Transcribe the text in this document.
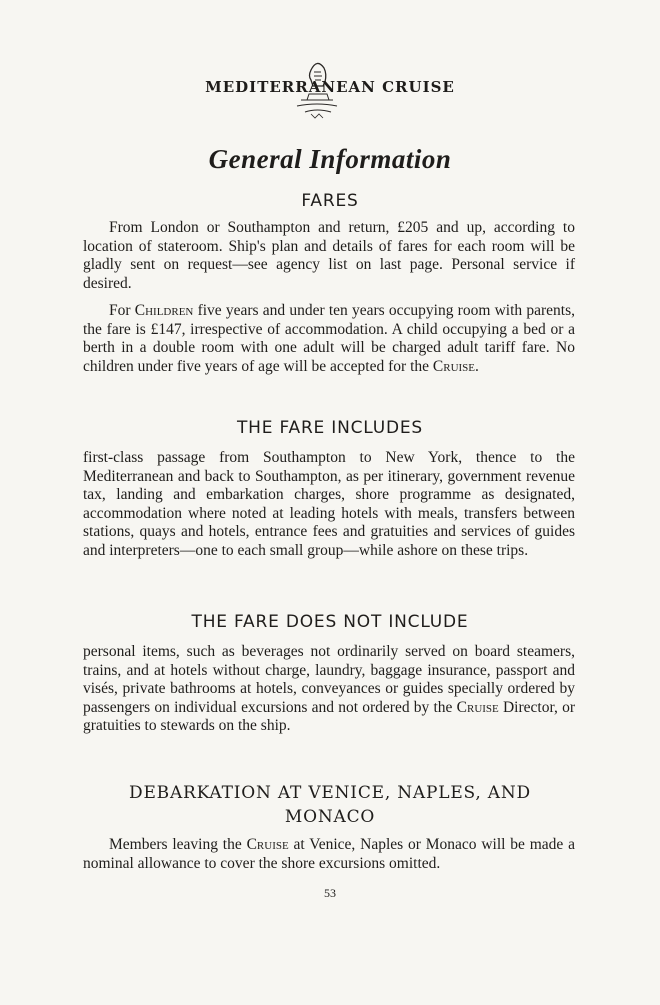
MEDITERRANEAN CRUISE
General Information
FARES

From London or Southampton and return, £205 and up, according to location of stateroom. Ship's plan and details of fares for each room will be gladly sent on request—see agency list on last page. Personal service if desired.

For Children five years and under ten years occupying room with parents, the fare is £147, irrespective of accommodation. A child occupying a bed or a berth in a double room with one adult will be charged adult tariff fare. No children under five years of age will be accepted for the Cruise.

THE FARE INCLUDES

first-class passage from Southampton to New York, thence to the Mediterranean and back to Southampton, as per itinerary, government revenue tax, landing and embarkation charges, shore programme as designated, accommodation where noted at leading hotels with meals, transfers between stations, quays and hotels, entrance fees and gratuities and services of guides and interpreters—one to each small group—while ashore on these trips.

THE FARE DOES NOT INCLUDE

personal items, such as beverages not ordinarily served on board steamers, trains, and at hotels without charge, laundry, baggage insurance, passport and visés, private bathrooms at hotels, conveyances or guides specially ordered by passengers on individual excursions and not ordered by the Cruise Director, or gratuities to stewards on the ship.

DEBARKATION AT VENICE, NAPLES, AND MONACO

Members leaving the Cruise at Venice, Naples or Monaco will be made a nominal allowance to cover the shore excursions omitted.

53
